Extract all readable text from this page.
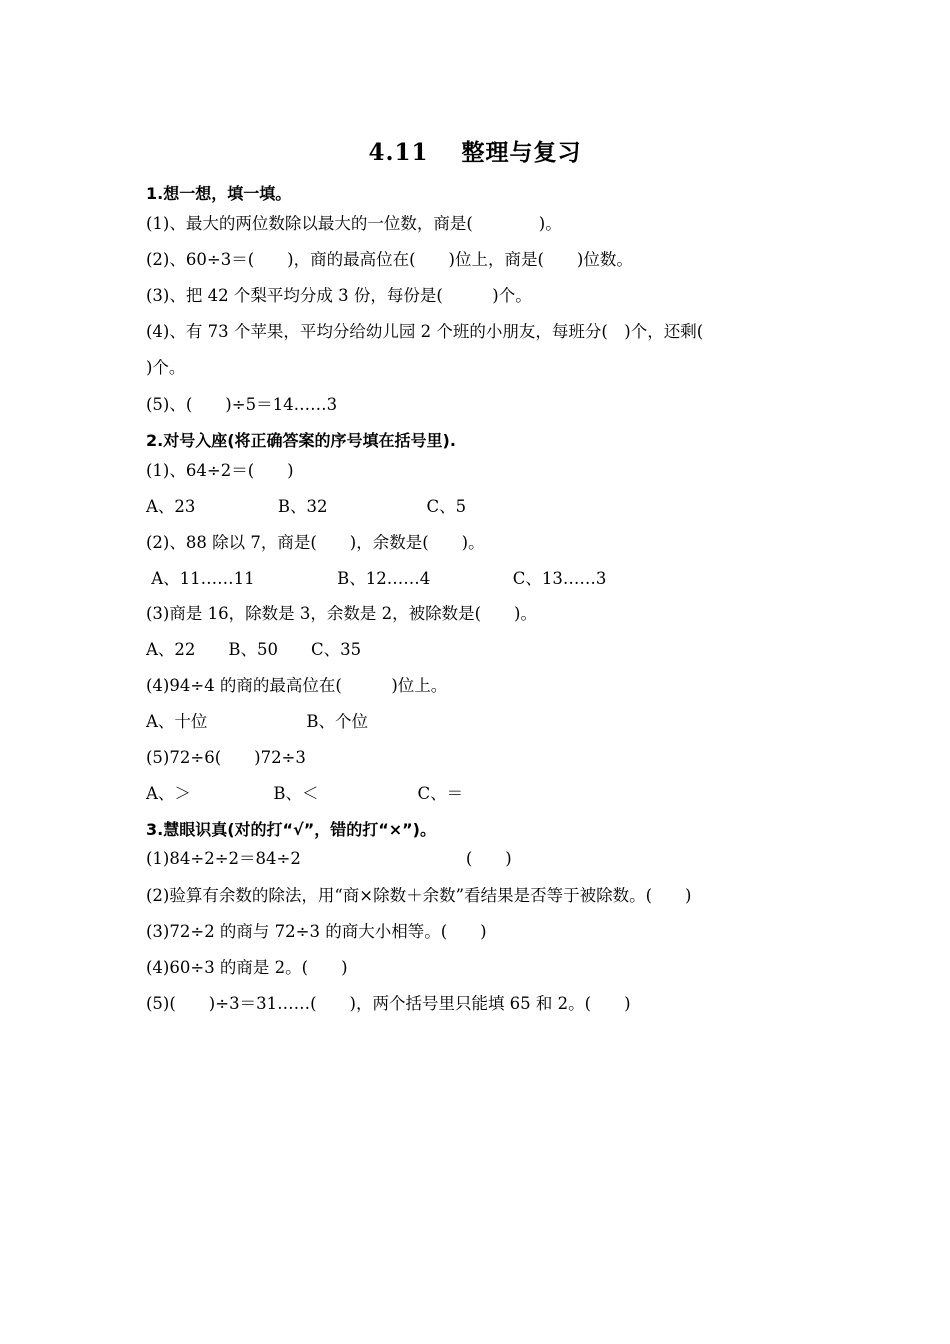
4.11　 整理与复习
1.想一想，填一填。
(1)、最大的两位数除以最大的一位数，商是(　　　　)。
(2)、60÷3＝(　　)，商的最高位在(　　)位上，商是(　　)位数。
(3)、把 42 个梨平均分成 3 份，每份是(　　　)个。
(4)、有 73 个苹果，平均分给幼儿园 2 个班的小朋友，每班分(　)个，还剩(
)个。
(5)、(　　)÷5＝14……3
2.对号入座(将正确答案的序号填在括号里).
(1)、64÷2＝(　　)
A、23　　　　　B、32　　　　　　C、5
(2)、88 除以 7，商是(　　)，余数是(　　)。
A、11……11　　　　　B、12……4　　　　　C、13……3
(3)商是 16，除数是 3，余数是 2，被除数是(　　)。
A、22　　B、50　　C、35
(4)94÷4 的商的最高位在(　　　)位上。
A、十位　　　　　　B、个位
(5)72÷6(　　)72÷3
A、＞　　　　　B、＜　　　　　　C、＝
3.慧眼识真(对的打“√”，错的打“×”)。
(1)84÷2÷2＝84÷2　　　　　　　　　　(　　)
(2)验算有余数的除法，用“商×除数＋余数”看结果是否等于被除数。(　　)
(3)72÷2 的商与 72÷3 的商大小相等。(　　)
(4)60÷3 的商是 2。(　　)
(5)(　　)÷3＝31……(　　)，两个括号里只能填 65 和 2。(　　)
